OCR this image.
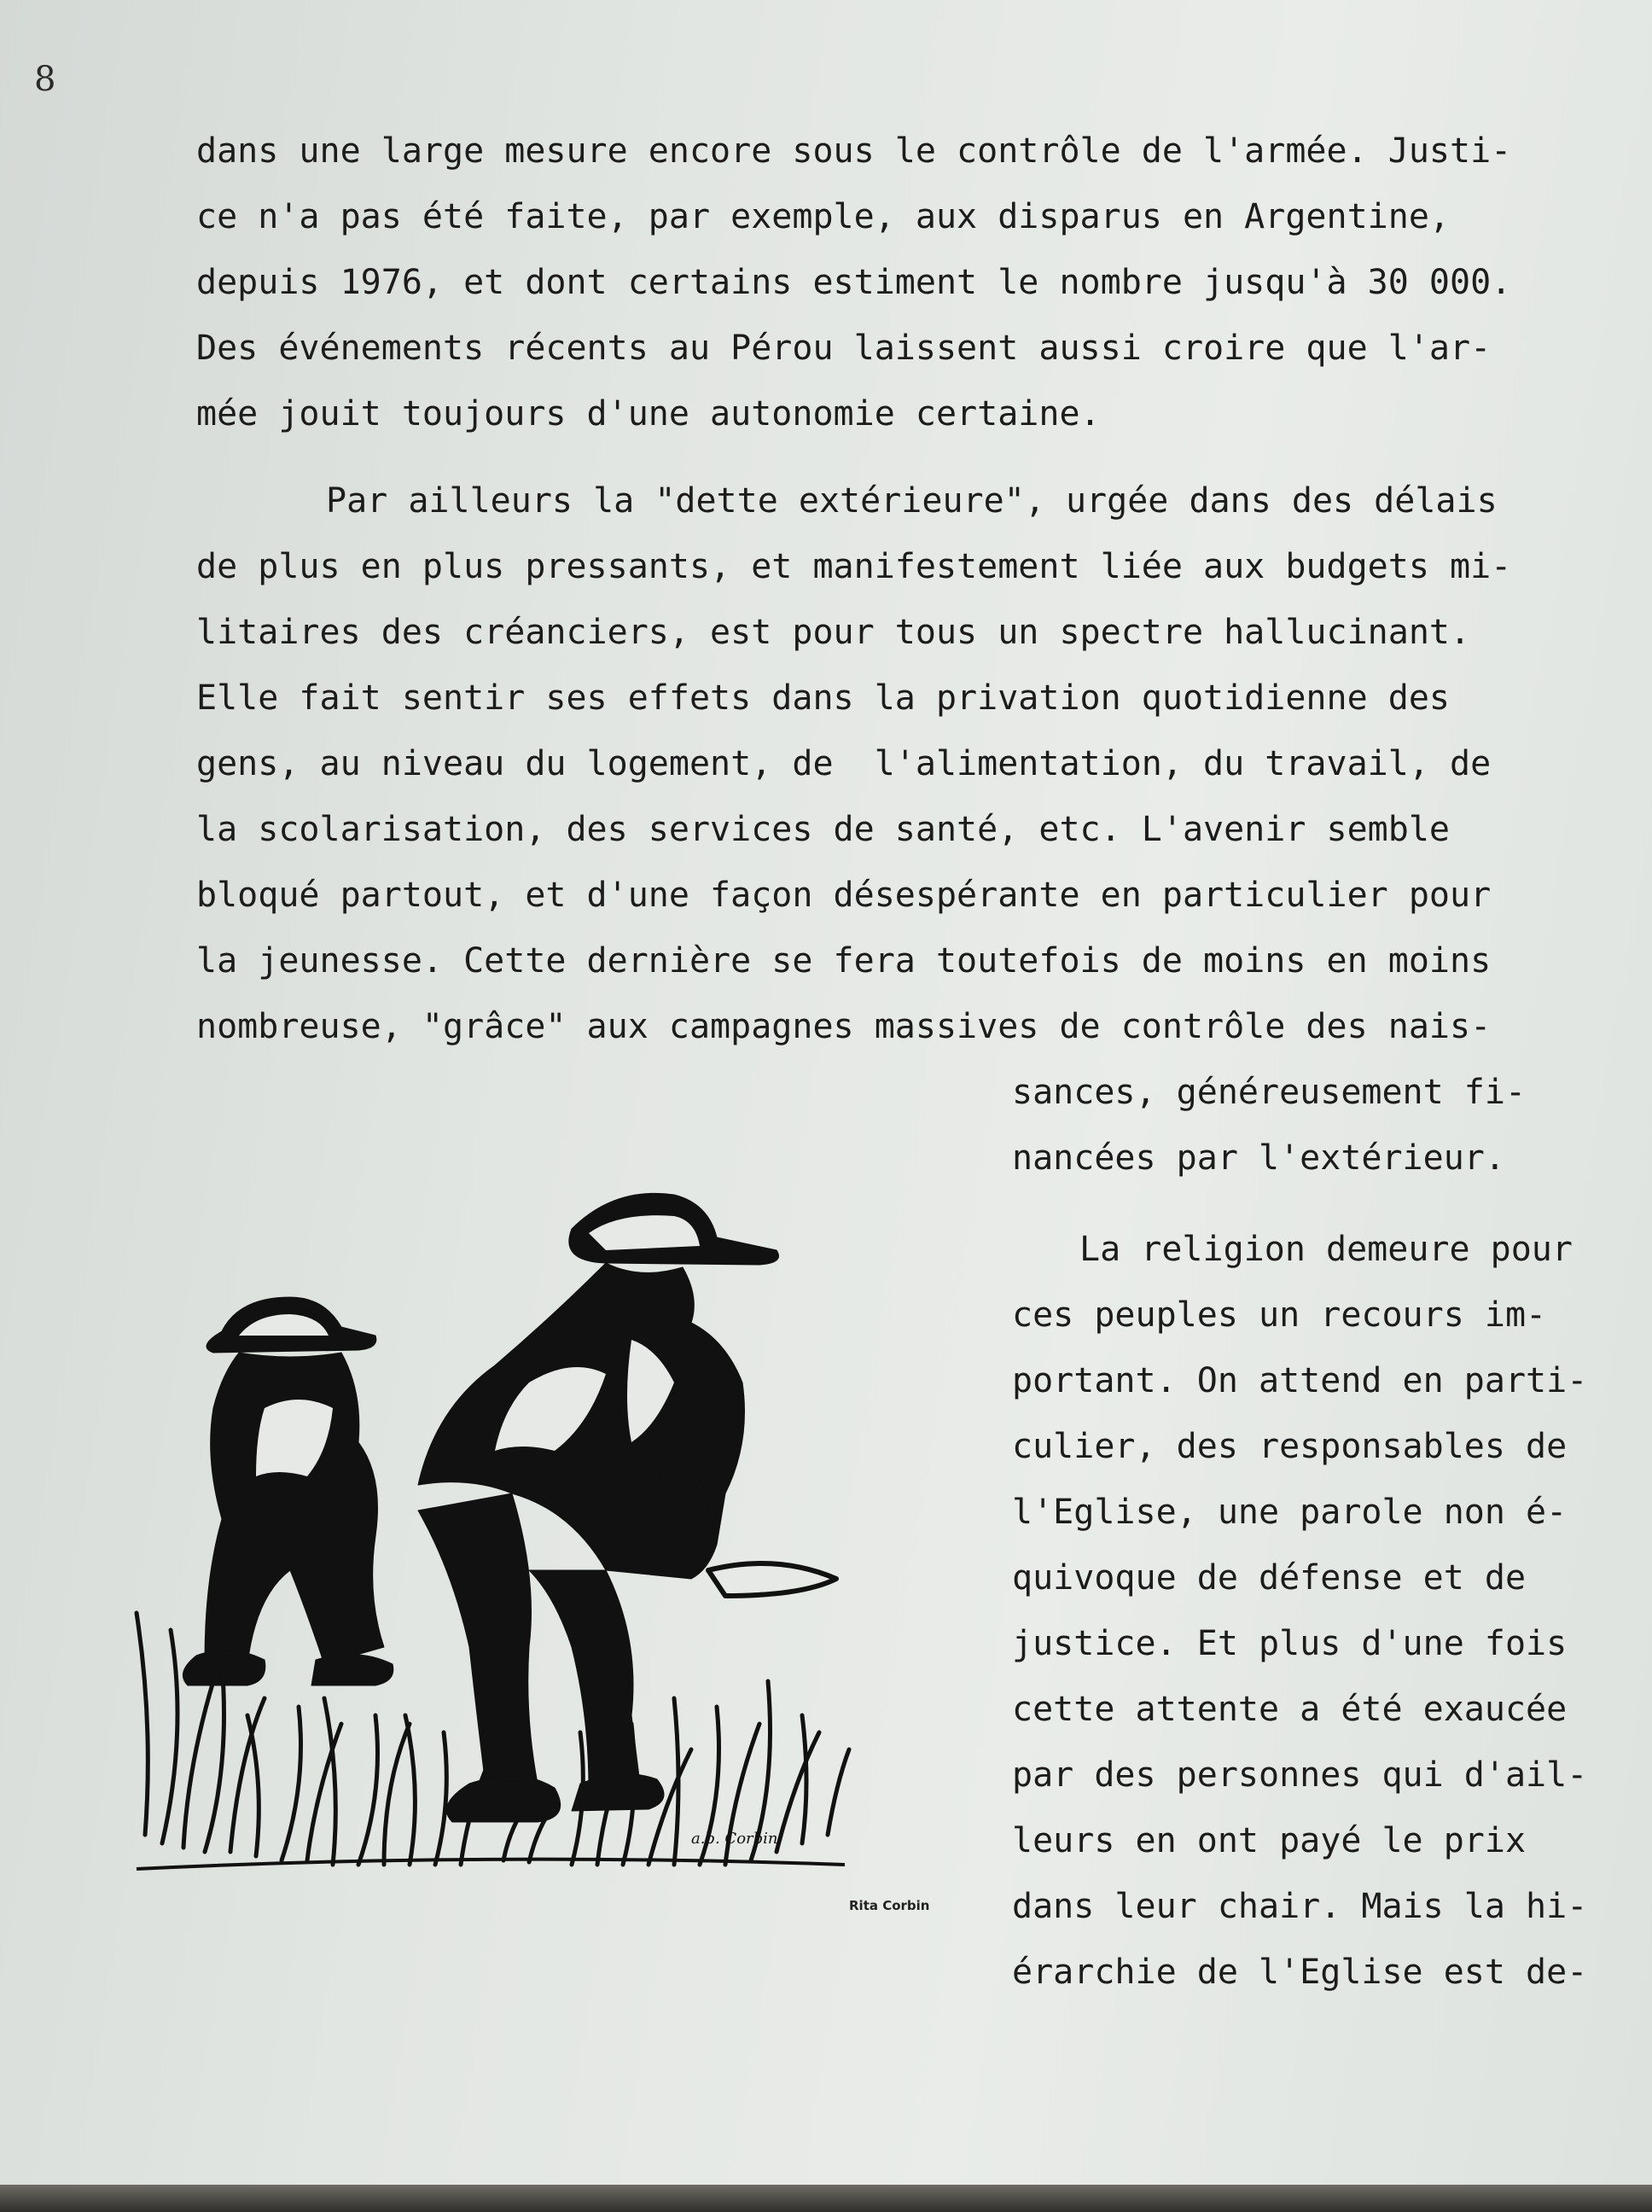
8

dans une large mesure encore sous le contrôle de l'armée. Justi-

ce n'a pas été faite, par exemple, aux disparus en Argentine,

depuis 1976, et dont certains estiment le nombre jusqu'à 30 000.

Des événements récents au Pérou laissent aussi croire que l'ar-

mée jouit toujours d'une autonomie certaine.

Par ailleurs la "dette extérieure", urgée dans des délais

de plus en plus pressants, et manifestement liée aux budgets mi-

litaires des créanciers, est pour tous un spectre hallucinant.

Elle fait sentir ses effets dans la privation quotidienne des

gens, au niveau du logement, de  l'alimentation, du travail, de

la scolarisation, des services de santé, etc. L'avenir semble

bloqué partout, et d'une façon désespérante en particulier pour

la jeunesse. Cette dernière se fera toutefois de moins en moins

nombreuse, "grâce" aux campagnes massives de contrôle des nais-

sances, généreusement fi-

nancées par l'extérieur.

La religion demeure pour

ces peuples un recours im-

portant. On attend en parti-

culier, des responsables de

l'Eglise, une parole non é-

quivoque de défense et de

justice. Et plus d'une fois

cette attente a été exaucée

par des personnes qui d'ail-

leurs en ont payé le prix

dans leur chair. Mais la hi-

érarchie de l'Eglise est de-

a.b. Corbin
Rita Corbin
